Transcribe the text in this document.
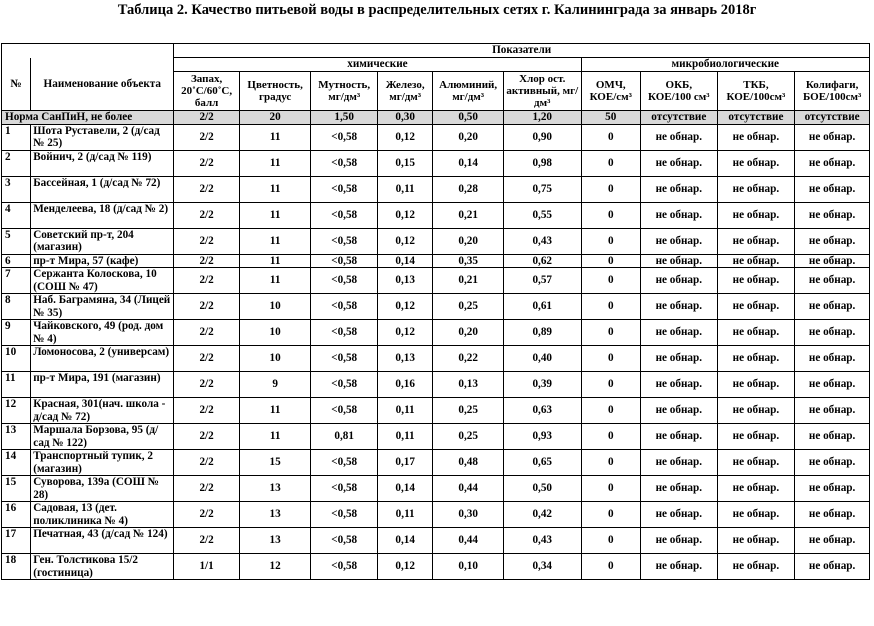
Таблица 2. Качество питьевой воды в распределительных сетях г. Калининграда за январь 2018г
		Показатели									
№	Наименование объекта	химические						микробиологические			
		Запах, 20˚С/60˚С, балл	Цветность, градус	Мутность, мг/дм³	Железо, мг/дм³	Алюминий, мг/дм³	Хлор ост. активный, мг/дм³	ОМЧ, КОЕ/см³	ОКБ, КОЕ/100 см³	ТКБ, КОЕ/100см³	Колифаги, БОЕ/100см³
Норма СанПиН, не более		2/2	20	1,50	0,30	0,50	1,20	50	отсутствие	отсутствие	отсутствие
1	Шота Руставели, 2 (д/сад № 25)	2/2	11	<0,58	0,12	0,20	0,90	0	не обнар.	не обнар.	не обнар.
2	Войнич, 2 (д/сад № 119)	2/2	11	<0,58	0,15	0,14	0,98	0	не обнар.	не обнар.	не обнар.
3	Бассейная, 1 (д/сад № 72)	2/2	11	<0,58	0,11	0,28	0,75	0	не обнар.	не обнар.	не обнар.
4	Менделеева, 18 (д/сад № 2)	2/2	11	<0,58	0,12	0,21	0,55	0	не обнар.	не обнар.	не обнар.
5	Советский пр-т, 204 (магазин)	2/2	11	<0,58	0,12	0,20	0,43	0	не обнар.	не обнар.	не обнар.
6	пр-т Мира, 57 (кафе)	2/2	11	<0,58	0,14	0,35	0,62	0	не обнар.	не обнар.	не обнар.
7	Сержанта Колоскова, 10 (СОШ № 47)	2/2	11	<0,58	0,13	0,21	0,57	0	не обнар.	не обнар.	не обнар.
8	Наб. Баграмяна, 34 (Лицей № 35)	2/2	10	<0,58	0,12	0,25	0,61	0	не обнар.	не обнар.	не обнар.
9	Чайковского, 49 (род. дом № 4)	2/2	10	<0,58	0,12	0,20	0,89	0	не обнар.	не обнар.	не обнар.
10	Ломоносова, 2 (универсам)	2/2	10	<0,58	0,13	0,22	0,40	0	не обнар.	не обнар.	не обнар.
11	пр-т Мира, 191 (магазин)	2/2	9	<0,58	0,16	0,13	0,39	0	не обнар.	не обнар.	не обнар.
12	Красная, 301(нач. школа - д/сад № 72)	2/2	11	<0,58	0,11	0,25	0,63	0	не обнар.	не обнар.	не обнар.
13	Маршала Борзова, 95 (д/сад № 122)	2/2	11	0,81	0,11	0,25	0,93	0	не обнар.	не обнар.	не обнар.
14	Транспортный тупик, 2 (магазин)	2/2	15	<0,58	0,17	0,48	0,65	0	не обнар.	не обнар.	не обнар.
15	Суворова, 139а (СОШ № 28)	2/2	13	<0,58	0,14	0,44	0,50	0	не обнар.	не обнар.	не обнар.
16	Садовая, 13 (дет. поликлиника № 4)	2/2	13	<0,58	0,11	0,30	0,42	0	не обнар.	не обнар.	не обнар.
17	Печатная, 43 (д/сад № 124)	2/2	13	<0,58	0,14	0,44	0,43	0	не обнар.	не обнар.	не обнар.
18	Ген. Толстикова 15/2 (гостиница)	1/1	12	<0,58	0,12	0,10	0,34	0	не обнар.	не обнар.	не обнар.
